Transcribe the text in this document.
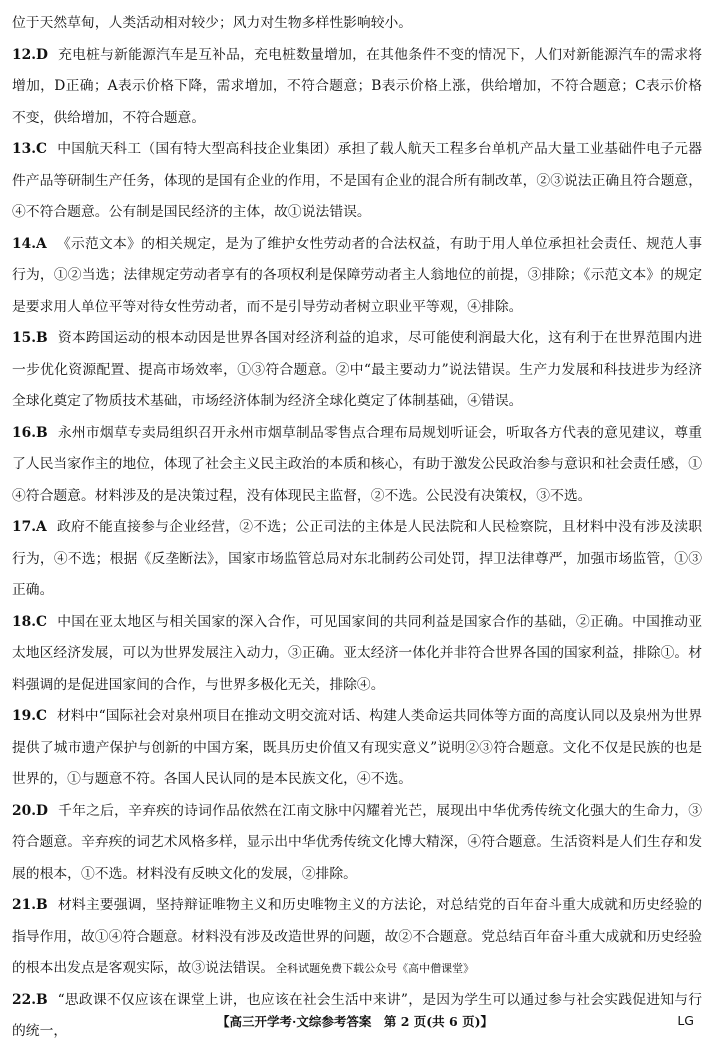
位于天然草甸，人类活动相对较少；风力对生物多样性影响较小。

12.D 充电桩与新能源汽车是互补品，充电桩数量增加，在其他条件不变的情况下，人们对新能源汽车的需求将增加，D正确；A表示价格下降，需求增加，不符合题意；B表示价格上涨，供给增加，不符合题意；C表示价格不变，供给增加，不符合题意。

13.C 中国航天科工（国有特大型高科技企业集团）承担了载人航天工程多台单机产品大量工业基础件电子元器件产品等研制生产任务，体现的是国有企业的作用，不是国有企业的混合所有制改革，②③说法正确且符合题意，④不符合题意。公有制是国民经济的主体，故①说法错误。

14.A 《示范文本》的相关规定，是为了维护女性劳动者的合法权益，有助于用人单位承担社会责任、规范人事行为，①②当选；法律规定劳动者享有的各项权利是保障劳动者主人翁地位的前提，③排除；《示范文本》的规定是要求用人单位平等对待女性劳动者，而不是引导劳动者树立职业平等观，④排除。

15.B 资本跨国运动的根本动因是世界各国对经济利益的追求，尽可能使利润最大化，这有利于在世界范围内进一步优化资源配置、提高市场效率，①③符合题意。②中“最主要动力”说法错误。生产力发展和科技进步为经济全球化奠定了物质技术基础，市场经济体制为经济全球化奠定了体制基础，④错误。

16.B 永州市烟草专卖局组织召开永州市烟草制品零售点合理布局规划听证会，听取各方代表的意见建议，尊重了人民当家作主的地位，体现了社会主义民主政治的本质和核心，有助于激发公民政治参与意识和社会责任感，①④符合题意。材料涉及的是决策过程，没有体现民主监督，②不选。公民没有决策权，③不选。

17.A 政府不能直接参与企业经营，②不选；公正司法的主体是人民法院和人民检察院，且材料中没有涉及渎职行为，④不选；根据《反垄断法》，国家市场监管总局对东北制药公司处罚，捍卫法律尊严，加强市场监管，①③正确。

18.C 中国在亚太地区与相关国家的深入合作，可见国家间的共同利益是国家合作的基础，②正确。中国推动亚太地区经济发展，可以为世界发展注入动力，③正确。亚太经济一体化并非符合世界各国的国家利益，排除①。材料强调的是促进国家间的合作，与世界多极化无关，排除④。

19.C 材料中“国际社会对泉州项目在推动文明交流对话、构建人类命运共同体等方面的高度认同以及泉州为世界提供了城市遗产保护与创新的中国方案，既具历史价值又有现实意义”说明②③符合题意。文化不仅是民族的也是世界的，①与题意不符。各国人民认同的是本民族文化，④不选。

20.D 千年之后，辛弃疾的诗词作品依然在江南文脉中闪耀着光芒，展现出中华优秀传统文化强大的生命力，③符合题意。辛弃疾的词艺术风格多样，显示出中华优秀传统文化博大精深，④符合题意。生活资料是人们生存和发展的根本，①不选。材料没有反映文化的发展，②排除。

21.B 材料主要强调，坚持辩证唯物主义和历史唯物主义的方法论，对总结党的百年奋斗重大成就和历史经验的指导作用，故①④符合题意。材料没有涉及改造世界的问题，故②不合题意。党总结百年奋斗重大成就和历史经验的根本出发点是客观实际，故③说法错误。 全科试题免费下载公众号《高中僧课堂》

22.B “思政课不仅应该在课堂上讲，也应该在社会生活中来讲”，是因为学生可以通过参与社会实践促进知与行的统一，

【高三开学考·文综参考答案　第 2 页(共 6 页)】	LG
